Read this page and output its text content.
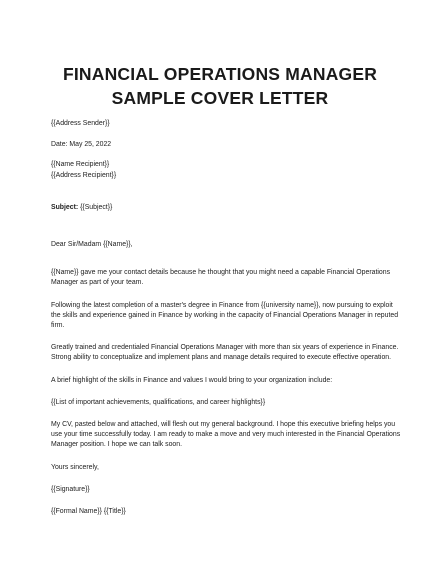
FINANCIAL OPERATIONS MANAGER
SAMPLE COVER LETTER

{{Address Sender}}

Date: May 25, 2022

{{Name Recipient}}

{{Address Recipient}}

Subject: {{Subject}}

Dear Sir/Madam {{Name}},

{{Name}} gave me your contact details because he thought that you might need a capable Financial Operations Manager as part of your team.

Following the latest completion of a master's degree in Finance from {{university name}}, now pursuing to exploit the skills and experience gained in Finance by working in the capacity of Financial Operations Manager in reputed firm.

Greatly trained and credentialed Financial Operations Manager with more than six years of experience in Finance. Strong ability to conceptualize and implement plans and manage details required to execute effective operation.

A brief highlight of the skills in Finance and values I would bring to your organization include:

{{List of important achievements, qualifications, and career highlights}}

My CV, pasted below and attached, will flesh out my general background. I hope this executive briefing helps you use your time successfully today. I am ready to make a move and very much interested in the Financial Operations Manager position. I hope we can talk soon.

Yours sincerely,

{{Signature}}

{{Formal Name}} {{Title}}
